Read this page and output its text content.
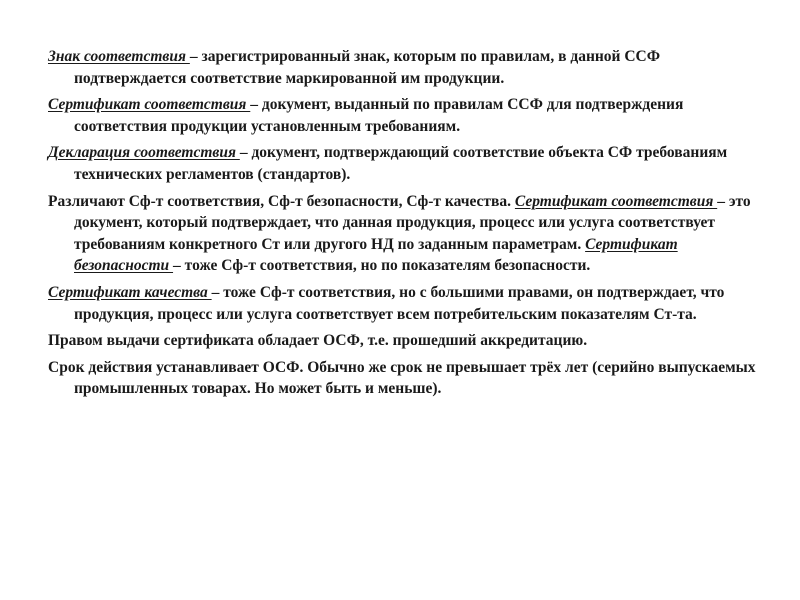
Знак соответствия – зарегистрированный знак, которым по правилам, в данной ССФ подтверждается соответствие маркированной им продукции.

Сертификат соответствия – документ, выданный по правилам ССФ для подтверждения соответствия продукции установленным требованиям.

Декларация соответствия – документ, подтверждающий соответствие объекта СФ требованиям технических регламентов (стандартов).

Различают Сф-т соответствия, Сф-т безопасности, Сф-т качества. Сертификат соответствия – это документ, который подтверждает, что данная продукция, процесс или услуга соответствует требованиям конкретного Ст или другого НД по заданным параметрам. Сертификат безопасности – тоже Сф-т соответствия, но по показателям безопасности.

Сертификат качества – тоже Сф-т соответствия, но с большими правами, он подтверждает, что продукция, процесс или услуга соответствует всем потребительским показателям Ст-та.

Правом выдачи сертификата обладает ОСФ, т.е. прошедший аккредитацию.

Срок действия устанавливает ОСФ. Обычно же срок не превышает трёх лет (серийно выпускаемых промышленных товарах. Но может быть и меньше).
